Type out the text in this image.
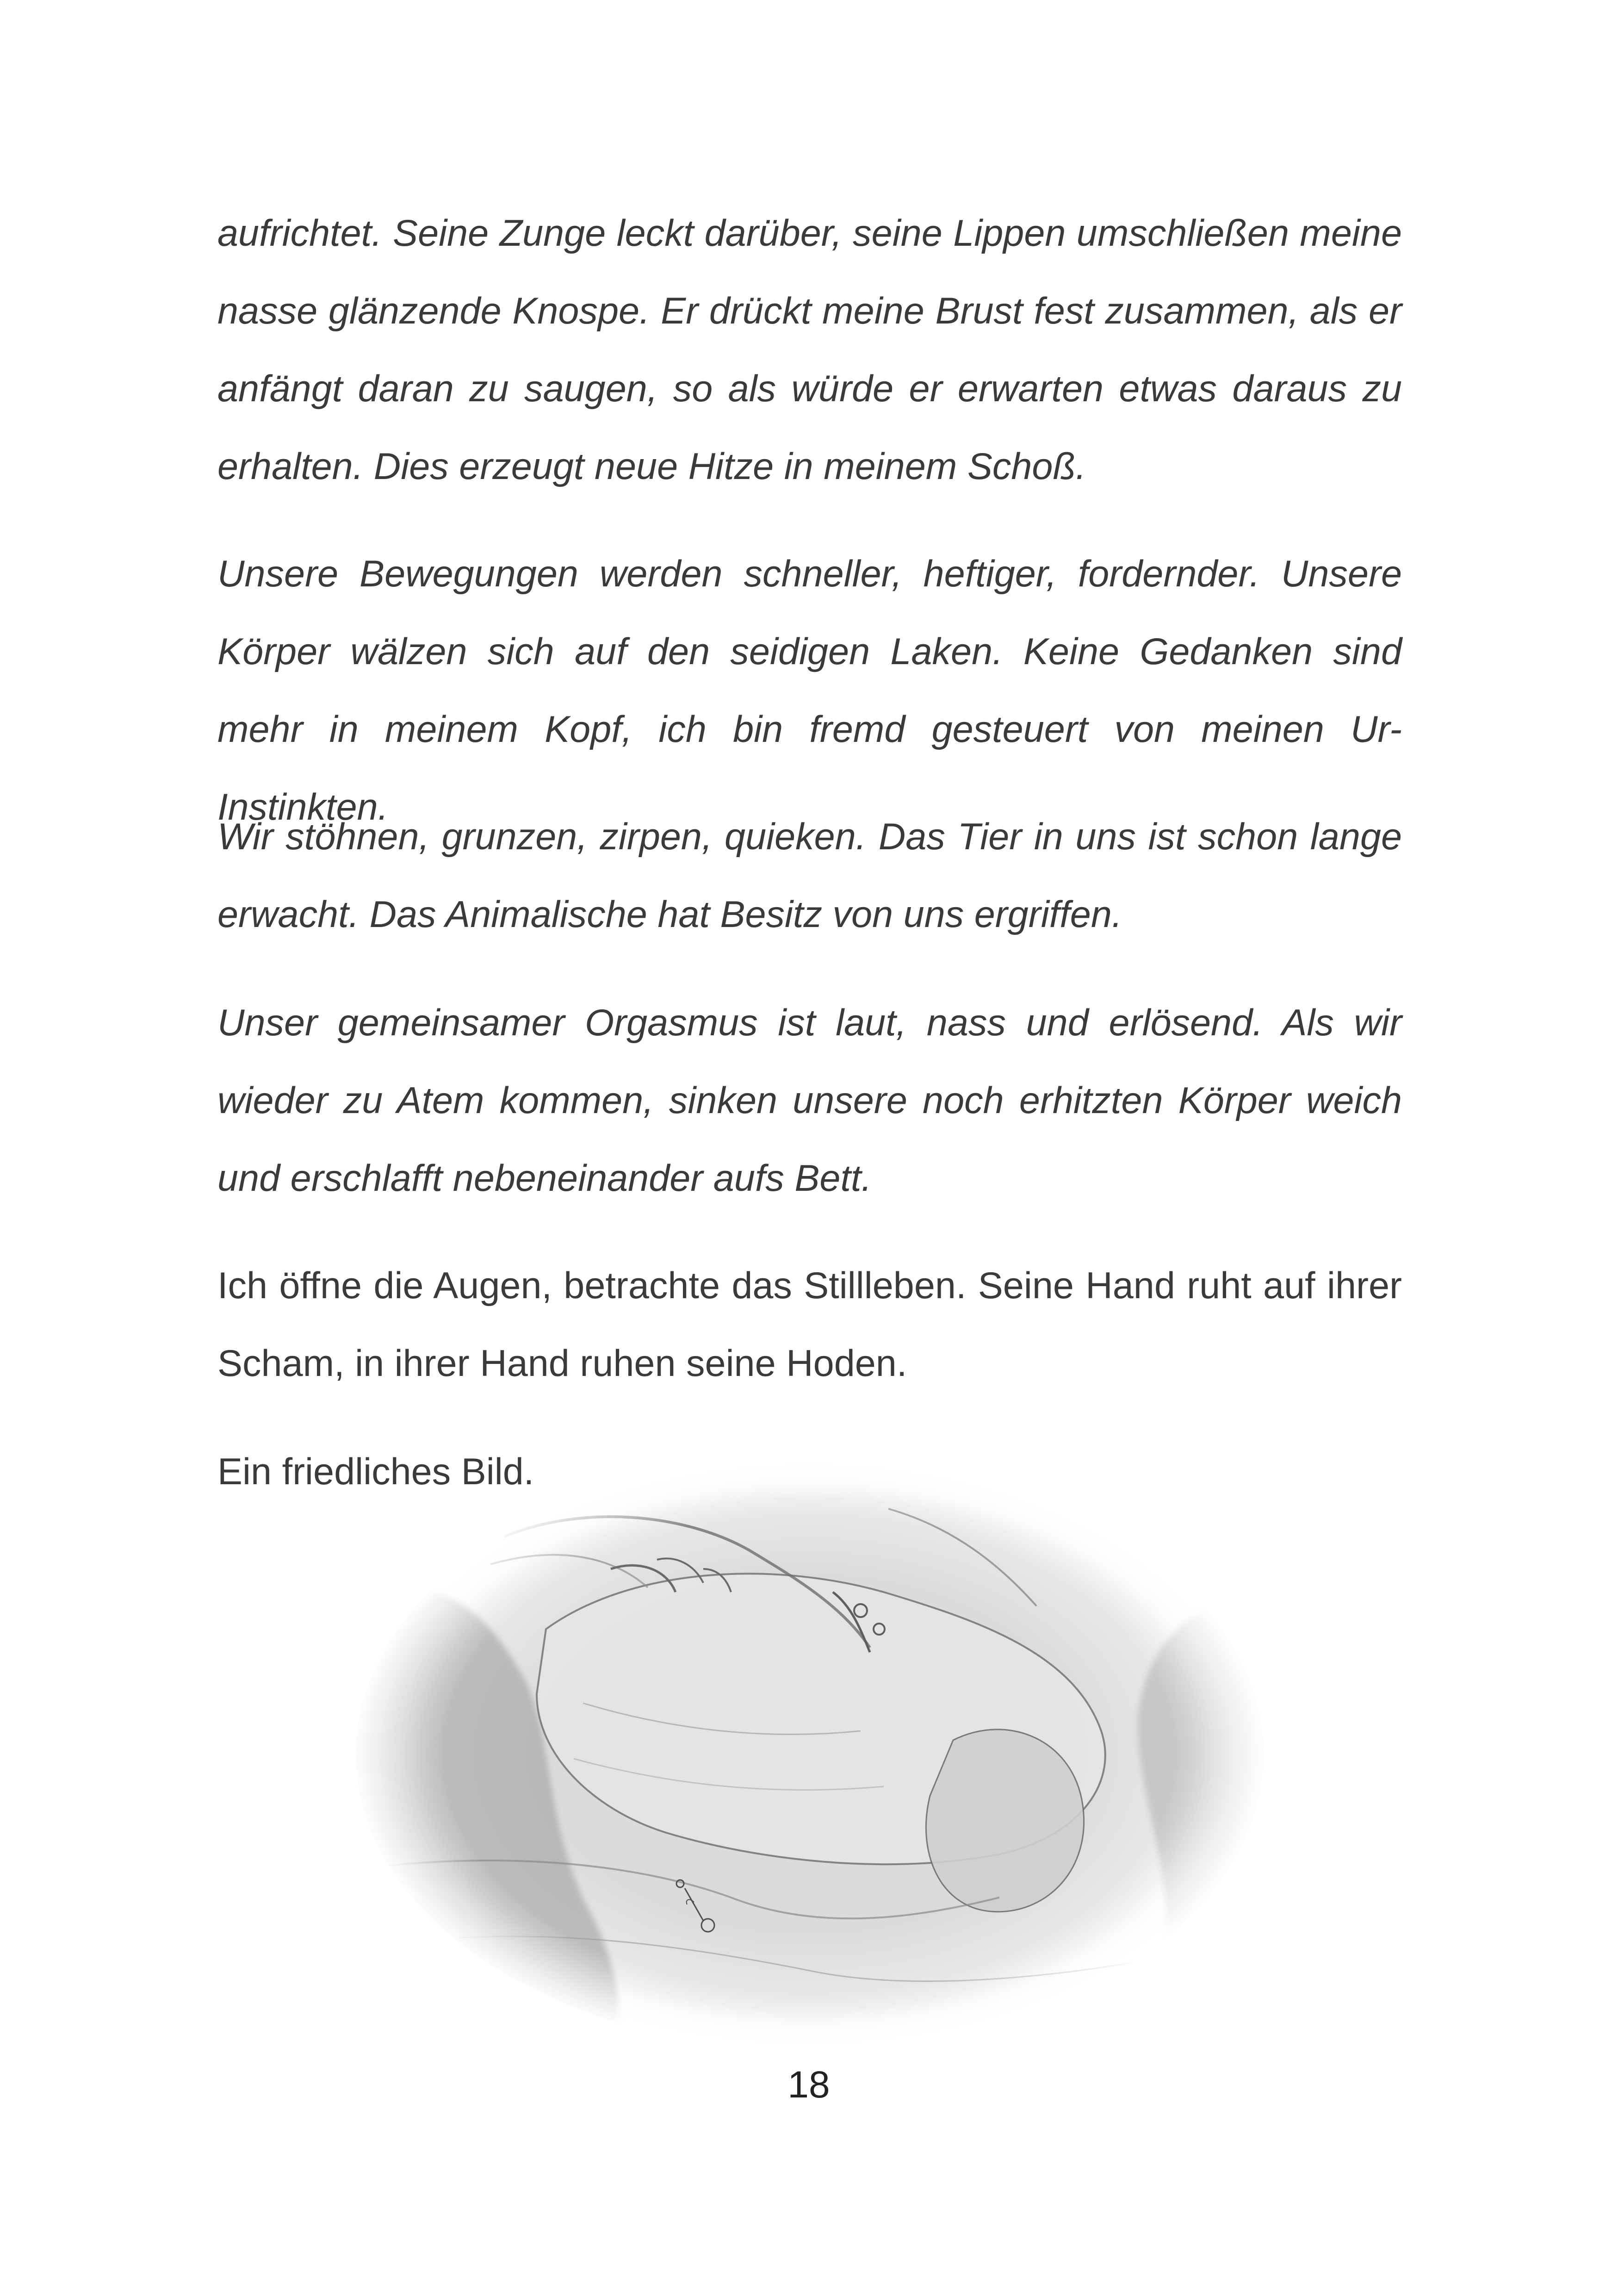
aufrichtet. Seine Zunge leckt darüber, seine Lippen umschließen meine nasse glänzende Knospe. Er drückt meine Brust fest zusammen, als er anfängt daran zu saugen, so als würde er erwarten etwas daraus zu erhalten. Dies erzeugt neue Hitze in meinem Schoß.

Unsere Bewegungen werden schneller, heftiger, fordernder. Unsere Körper wälzen sich auf den seidigen Laken. Keine Gedanken sind mehr in meinem Kopf, ich bin fremd gesteuert von meinen Ur-Instinkten.

Wir stöhnen, grunzen, zirpen, quieken. Das Tier in uns ist schon lange erwacht. Das Animalische hat Besitz von uns ergriffen.

Unser gemeinsamer Orgasmus ist laut, nass und erlösend. Als wir wieder zu Atem kommen, sinken unsere noch erhitzten Körper weich und erschlafft nebeneinander aufs Bett.

Ich öffne die Augen, betrachte das Stillleben. Seine Hand ruht auf ihrer Scham, in ihrer Hand ruhen seine Hoden.

Ein friedliches Bild.

18
